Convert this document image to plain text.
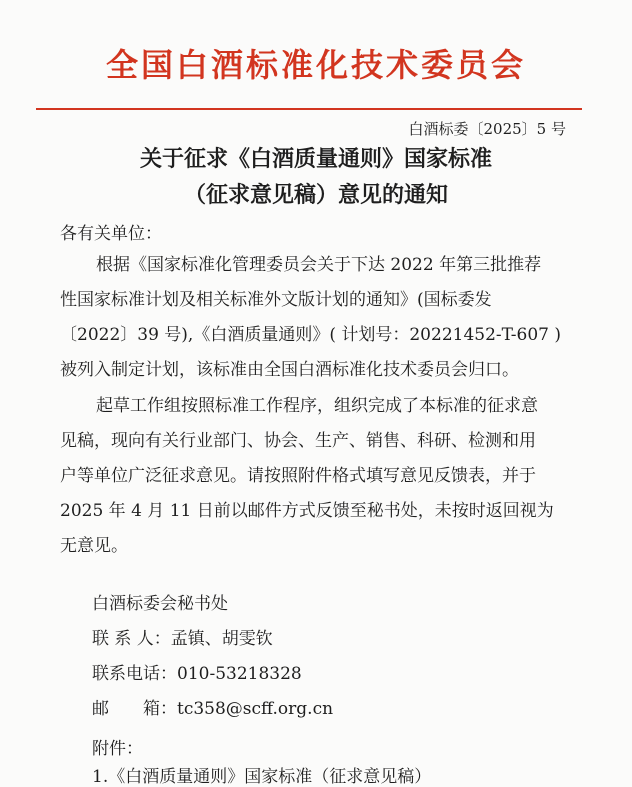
全国白酒标准化技术委员会
白酒标委〔2025〕5 号
关于征求《白酒质量通则》国家标准
（征求意见稿）意见的通知
各有关单位：
根据《国家标准化管理委员会关于下达 2022 年第三批推荐
性国家标准计划及相关标准外文版计划的通知》(国标委发
〔2022〕39 号),《白酒质量通则》( 计划号：20221452-T-607 )
被列入制定计划，该标准由全国白酒标准化技术委员会归口。
起草工作组按照标准工作程序，组织完成了本标准的征求意
见稿，现向有关行业部门、协会、生产、销售、科研、检测和用
户等单位广泛征求意见。请按照附件格式填写意见反馈表，并于
2025 年 4 月 11 日前以邮件方式反馈至秘书处，未按时返回视为
无意见。
白酒标委会秘书处
联 系 人：孟镇、胡雯钦
联系电话：010-53218328
邮　　箱：tc358@scff.org.cn
附件：
1.《白酒质量通则》国家标准（征求意见稿）
